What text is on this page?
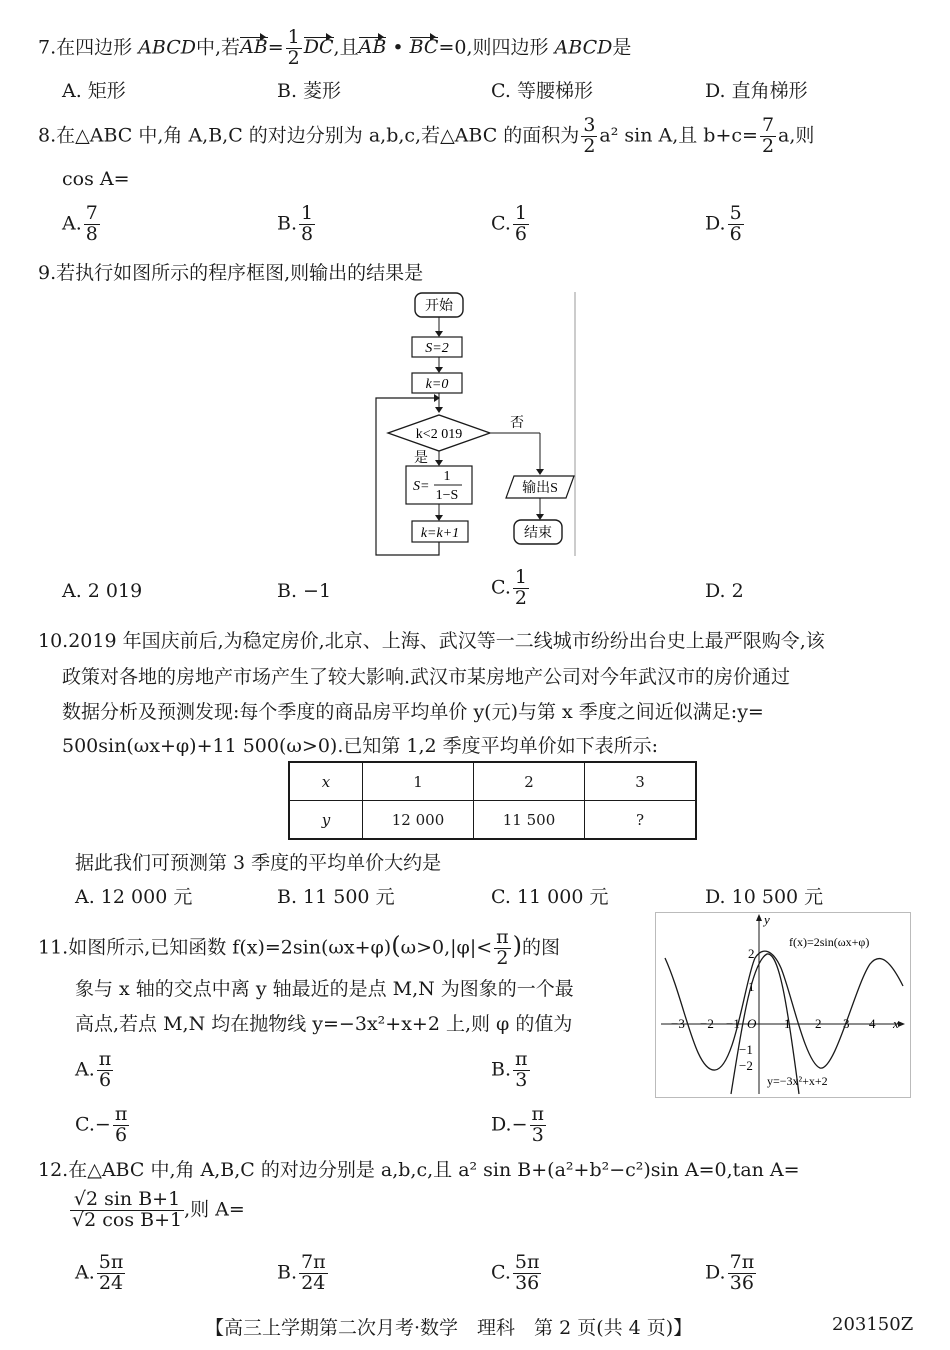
7.在四边形 ABCD中,若$AB= \frac{1}{2}$ DC,且AB • BC=0,则四边形 ABCD是
A. 矩形	B. 菱形	C. 等腰梯形	D. 直角梯形
8.在△ABC 中,角 A,B,C 的对边分别为 a,b,c,若△ABC 的面积为 $\frac{3}{2} a^2$ sin A,且 $b+c= \frac{7}{2} a$,则
cos A=
A. $\frac{7}{8}$	B. $\frac{1}{8}$	C. $\frac{1}{6}$	D. $\frac{5}{6}$
9.若执行如图所示的程序框图,则输出的结果是
开始
S=2
k=0
k<2 019
否
是
S=
1
1−S
k=k+1
输出S
结束
A. 2 019	B. −1	C. $\frac{1}{2}$	D. 2
10.2019 年国庆前后,为稳定房价,北京、上海、武汉等一二线城市纷纷出台史上最严限购令,该
政策对各地的房地产市场产生了较大影响.武汉市某房地产公司对今年武汉市的房价通过
数据分析及预测发现:每个季度的商品房平均单价 y(元)与第 x 季度之间近似满足:y=
500sin(ωx+φ)+11 500(ω>0).已知第 1,2 季度平均单价如下表所示:
x	1	2	3
y	12 000	11 500	?
据此我们可预测第 3 季度的平均单价大约是
A. 12 000 元	B. 11 500 元	C. 11 000 元	D. 10 500 元
11.如图所示,已知函数 $f(x)=2\sin(\omega x+\varphi)(\omega>0,|\varphi|< \frac{\pi}{2}$ )的图
象与 x 轴的交点中离 y 轴最近的是点 M,N 为图象的一个最
高点,若点 M,N 均在抛物线 y=−3x²+x+2 上,则 φ 的值为
y
x
O
−3 −2 −1	1 2 3 4
2
1
−1
−2
f(x)=2sin(ωx+φ)
y=−3x²+x+2
A. $\frac{\pi}{6}$	B. $\frac{\pi}{3}$
$C.- \frac{\pi}{6}$	$D.- \frac{\pi}{3}$
12.在△ABC 中,角 A,B,C 的对边分别是 a,b,c,且 a² sin B+(a²+b²−c²)sin A=0,tan A=
$\frac{\text{√2 sin B+1}}{\text{√2 cos B+1}}$ ,则 A=
A. $\frac{5\pi}{24}$	B. $\frac{7\pi}{24}$	C. $\frac{5\pi}{36}$	D. $\frac{7\pi}{36}$
【高三上学期第二次月考·数学　理科　第 2 页(共 4 页)】	203150Z
